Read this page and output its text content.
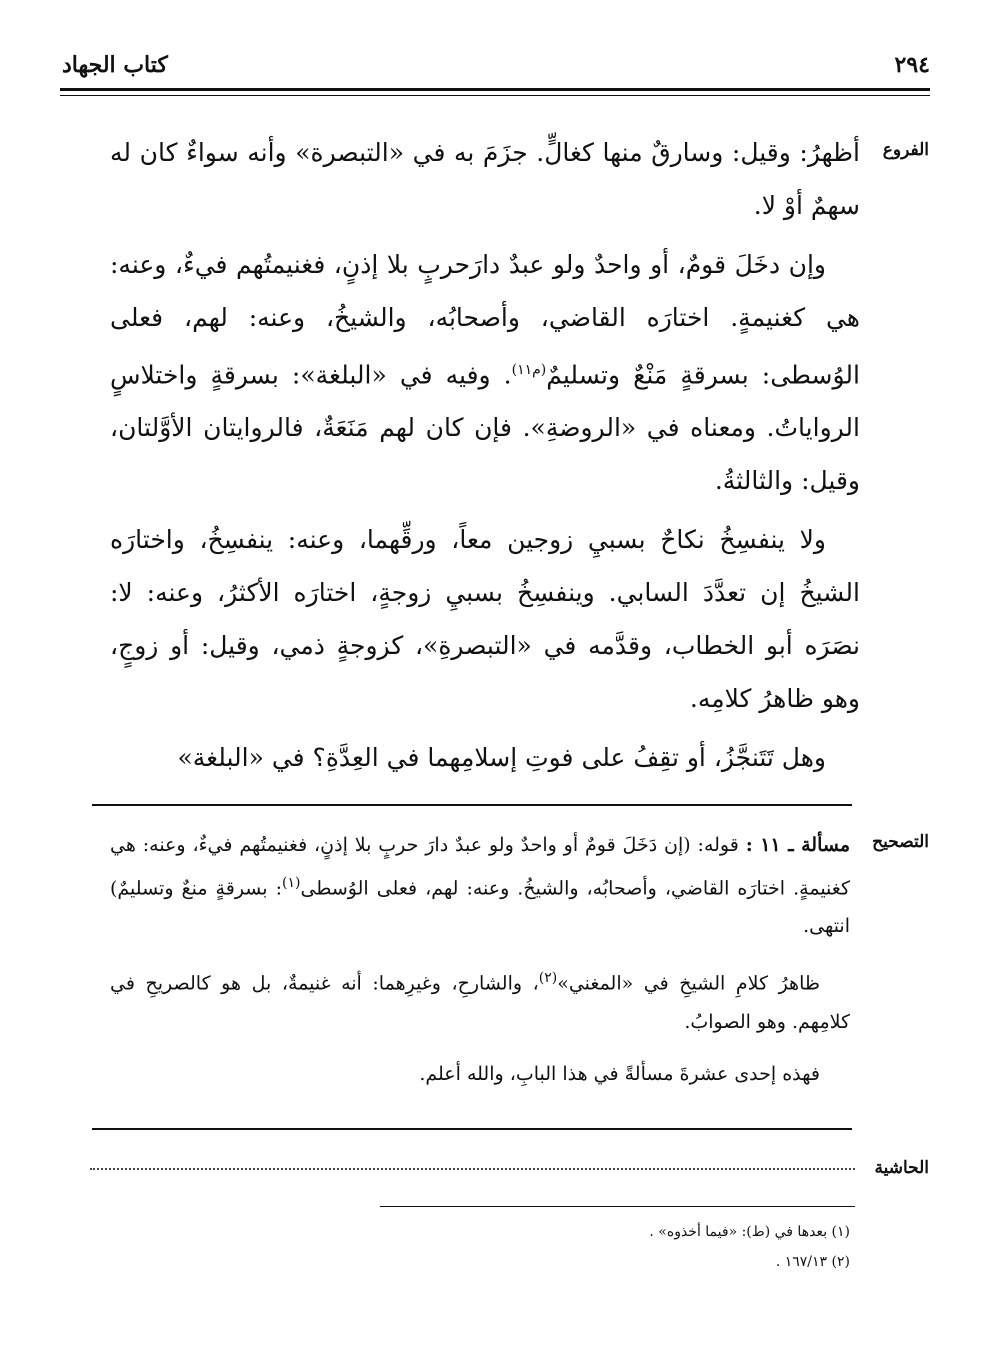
٢٩٤
كتاب الجهاد
الفروع
التصحيح
الحاشية

أظهرُ: وقيل: وسارقٌ منها كغالٍّ. جزَمَ به في «التبصرة» وأنه سواءٌ كان له سهمٌ أوْ لا.

وإن دخَلَ قومٌ، أو واحدٌ ولو عبدٌ دارَحربٍ بلا إذنٍ، فغنيمتُهم فيءٌ، وعنه: هي كغنيمةٍ. اختارَه القاضي، وأصحابُه، والشيخُ، وعنه: لهم، فعلى الوُسطى: بسرقةٍ مَنْعٌ وتسليمٌ$^{(م١١)}$. وفيه في «البلغة»: بسرقةٍ واختلاسٍ الرواياتُ. ومعناه في «الروضةِ». فإن كان لهم مَنَعَةٌ، فالروايتان الأوَّلتان، وقيل: والثالثةُ.

ولا ينفسِخُ نكاحٌ بسبيِ زوجين معاً، ورقِّهما، وعنه: ينفسِخُ، واختارَه الشيخُ إن تعدَّدَ السابي. وينفسِخُ بسبيِ زوجةٍ، اختارَه الأكثرُ، وعنه: لا: نصَرَه أبو الخطاب، وقدَّمه في «التبصرةِ»، كزوجةٍ ذمي، وقيل: أو زوجٍ، وهو ظاهرُ كلامِه.

وهل تَتَنجَّزُ، أو تقِفُ على فوتِ إسلامِهما في العِدَّةِ؟ في «البلغة»

مسألة ـ ١١ : قوله: (إن دَخَلَ قومٌ أو واحدٌ ولو عبدٌ دارَ حربٍ بلا إذنٍ، فغنيمتُهم فيءٌ، وعنه: هي كغنيمةٍ. اختارَه القاضي، وأصحابُه، والشيخُ. وعنه: لهم، فعلى الوُسطى$^{(١)}$: بسرقةٍ منعٌ وتسليمٌ) انتهى.

ظاهرُ كلامِ الشيخِ في «المغني»$^{(٢)}$، والشارحِ، وغيرِهما: أنه غنيمةٌ، بل هو كالصريحِ في كلامِهم. وهو الصوابُ.

فهذه إحدى عشرةَ مسألةً في هذا البابِ، والله أعلم.

(١) بعدها في (ط): «فيما أخذوه» .
(٢) ١٦٧/١٣ .
